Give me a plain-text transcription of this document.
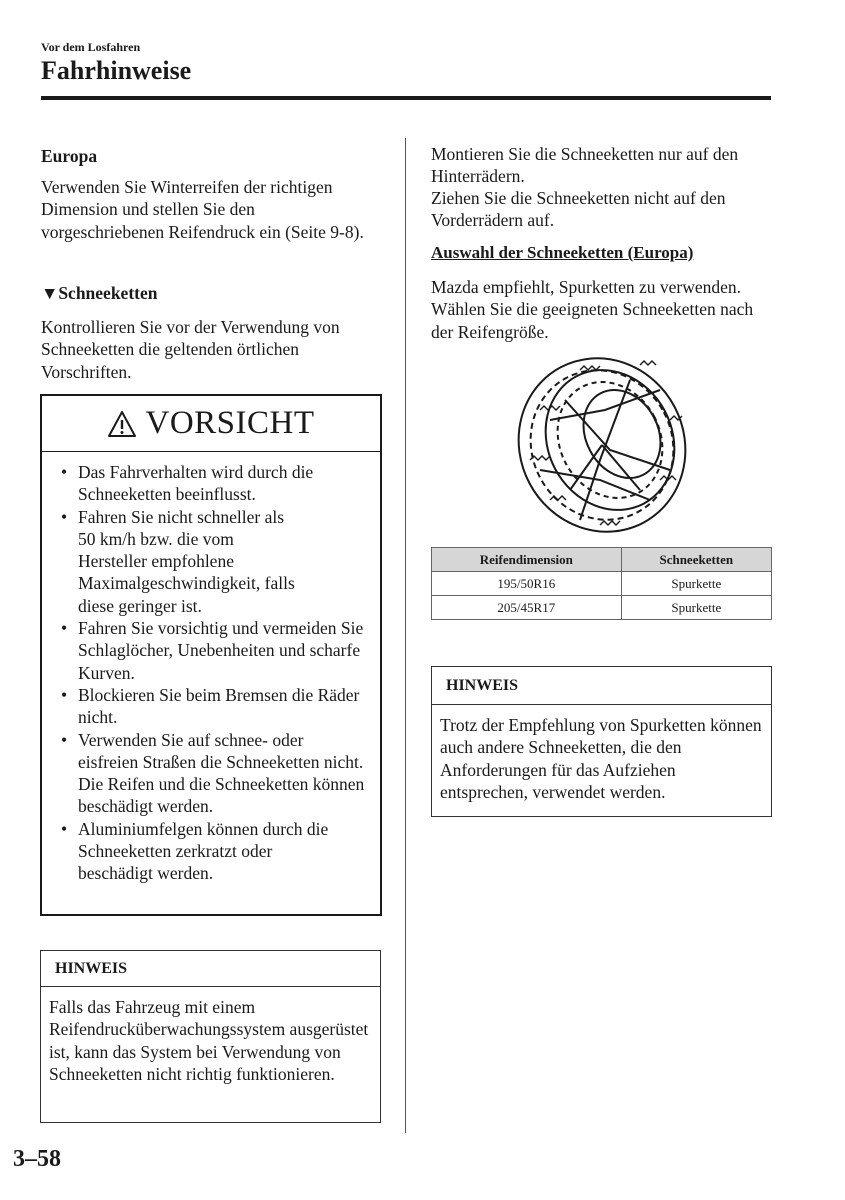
Vor dem Losfahren
Fahrhinweise
Europa
Verwenden Sie Winterreifen der richtigen Dimension und stellen Sie den vorgeschriebenen Reifendruck ein (Seite 9-8).
▼Schneeketten
Kontrollieren Sie vor der Verwendung von Schneeketten die geltenden örtlichen Vorschriften.
VORSICHT
• Das Fahrverhalten wird durch die Schneeketten beeinflusst.
• Fahren Sie nicht schneller als 50 km/h bzw. die vom Hersteller empfohlene Maximalgeschwindigkeit, falls diese geringer ist.
• Fahren Sie vorsichtig und vermeiden Sie Schlaglöcher, Unebenheiten und scharfe Kurven.
• Blockieren Sie beim Bremsen die Räder nicht.
• Verwenden Sie auf schnee- oder eisfreien Straßen die Schneeketten nicht. Die Reifen und die Schneeketten können beschädigt werden.
• Aluminiumfelgen können durch die Schneeketten zerkratzt oder beschädigt werden.
HINWEIS
Falls das Fahrzeug mit einem Reifendrucküberwachungssystem ausgerüstet ist, kann das System bei Verwendung von Schneeketten nicht richtig funktionieren.
Montieren Sie die Schneeketten nur auf den Hinterrädern.
Ziehen Sie die Schneeketten nicht auf den Vorderrädern auf.
Auswahl der Schneeketten (Europa)
Mazda empfiehlt, Spurketten zu verwenden. Wählen Sie die geeigneten Schneeketten nach der Reifengröße.
Reifendimension	Schneeketten
195/50R16	Spurkette
205/45R17	Spurkette
HINWEIS
Trotz der Empfehlung von Spurketten können auch andere Schneeketten, die den Anforderungen für das Aufziehen entsprechen, verwendet werden.
3–58
